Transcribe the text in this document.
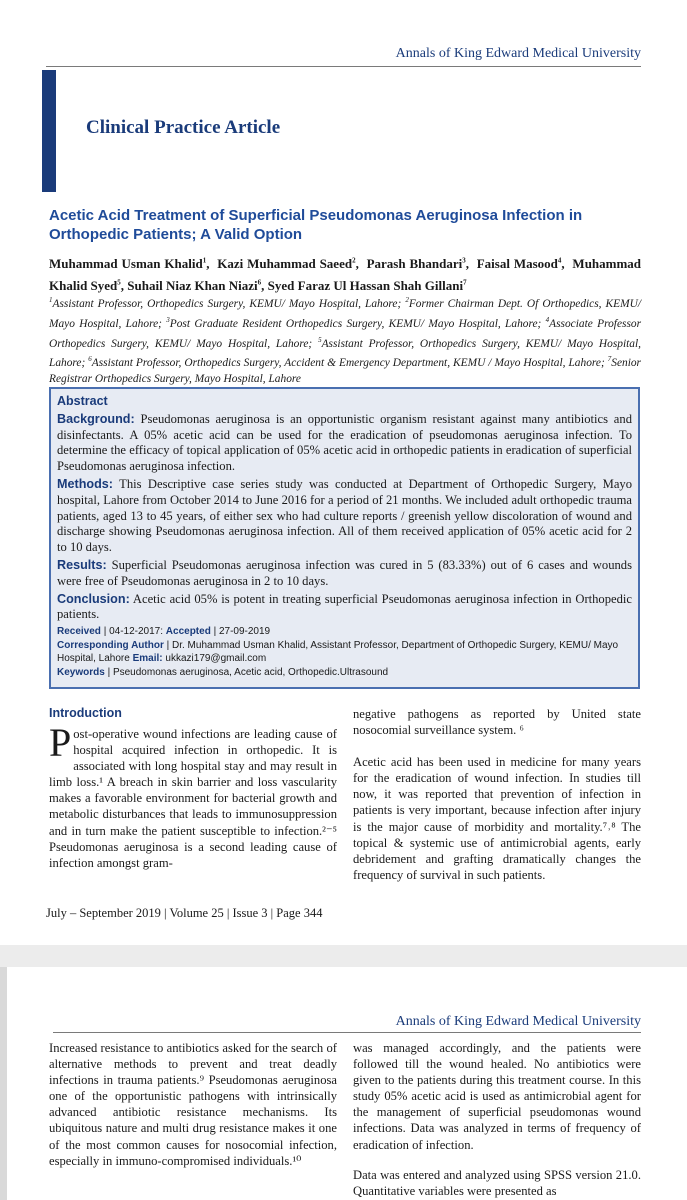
Annals of King Edward Medical University
Clinical Practice Article
Acetic Acid Treatment of Superficial Pseudomonas Aeruginosa Infection in Orthopedic Patients; A Valid Option
Muhammad Usman Khalid$^1$,  Kazi Muhammad Saeed$^2$,  Parash Bhandari$^3$,  Faisal Masood$^4$,  Muhammad Khalid Syed$^5$, Suhail Niaz Khan Niazi$^6$, Syed Faraz Ul Hassan Shah Gillani$^7$
$^1$Assistant Professor, Orthopedics Surgery, KEMU/ Mayo Hospital, Lahore; $^2$Former Chairman Dept. Of Orthopedics, KEMU/ Mayo Hospital, Lahore; $^3$Post Graduate Resident Orthopedics Surgery, KEMU/ Mayo Hospital, Lahore; $^4$Associate Professor Orthopedics Surgery, KEMU/ Mayo Hospital, Lahore; $^5$Assistant Professor, Orthopedics Surgery, KEMU/ Mayo Hospital, Lahore; $^6$Assistant Professor, Orthopedics Surgery, Accident & Emergency Department, KEMU / Mayo Hospital, Lahore; $^7$Senior Registrar Orthopedics Surgery, Mayo Hospital, Lahore
Abstract
Background: Pseudomonas aeruginosa is an opportunistic organism resistant against many antibiotics and disinfectants. A 05% acetic acid can be used for the eradication of pseudomonas aeruginosa infection. To determine the efficacy of topical application of 05% acetic acid in orthopedic patients in eradication of superficial Pseudomonas aeruginosa infection.
Methods: This Descriptive case series study was conducted at Department of Orthopedic Surgery, Mayo hospital, Lahore from October 2014 to June 2016 for a period of 21 months. We included adult orthopedic trauma patients, aged 13 to 45 years, of either sex who had culture reports / greenish yellow discoloration of wound and discharge showing Pseudomonas aeruginosa infection. All of them received application of 05% acetic acid for 2 to 10 days.
Results: Superficial Pseudomonas aeruginosa infection was cured in 5 (83.33%) out of 6 cases and wounds were free of Pseudomonas aeruginosa in 2 to 10 days.
Conclusion: Acetic acid 05% is potent in treating superficial Pseudomonas aeruginosa infection in Orthopedic patients.
Received | 04-12-2017: Accepted | 27-09-2019
Corresponding Author | Dr. Muhammad Usman Khalid, Assistant Professor, Department of Orthopedic Surgery, KEMU/ Mayo Hospital, Lahore Email: ukkazi179@gmail.com
Keywords | Pseudomonas aeruginosa, Acetic acid, Orthopedic.Ultrasound
Introduction

Post-operative wound infections are leading cause of hospital acquired infection in orthopedic. It is associated with long hospital stay and may result in limb loss.¹ A breach in skin barrier and loss vascularity makes a favorable environment for bacterial growth and metabolic disturbances that leads to immunosuppression and in turn make the patient susceptible to infection.²⁻⁵ Pseudomonas aeruginosa is a second leading cause of infection amongst gram-

negative pathogens as reported by United state nosocomial surveillance system. ⁶

Acetic acid has been used in medicine for many years for the eradication of wound infection. In studies till now, it was reported that prevention of infection in patients is very important, because infection after injury is the major cause of morbidity and mortality.⁷˒⁸ The topical & systemic use of antimicrobial agents, early debridement and grafting dramatically changes the frequency of survival in such patients.

July – September 2019 | Volume 25 | Issue 3 | Page 344
Annals of King Edward Medical University

Increased resistance to antibiotics asked for the search of alternative methods to prevent and treat deadly infections in trauma patients.⁹ Pseudomonas aeruginosa one of the opportunistic pathogens with intrinsically advanced antibiotic resistance mechanisms. Its ubiquitous nature and multi drug resistance makes it one of the most common causes for nosocomial infection, especially in immuno-compromised individuals.¹⁰

was managed accordingly, and the patients were followed till the wound healed. No antibiotics were given to the patients during this treatment course. In this study 05% acetic acid is used as antimicrobial agent for the management of superficial pseudomonas wound infections. Data was analyzed in terms of frequency of eradication of infection.

Data was entered and analyzed using SPSS version 21.0. Quantitative variables were presented as
